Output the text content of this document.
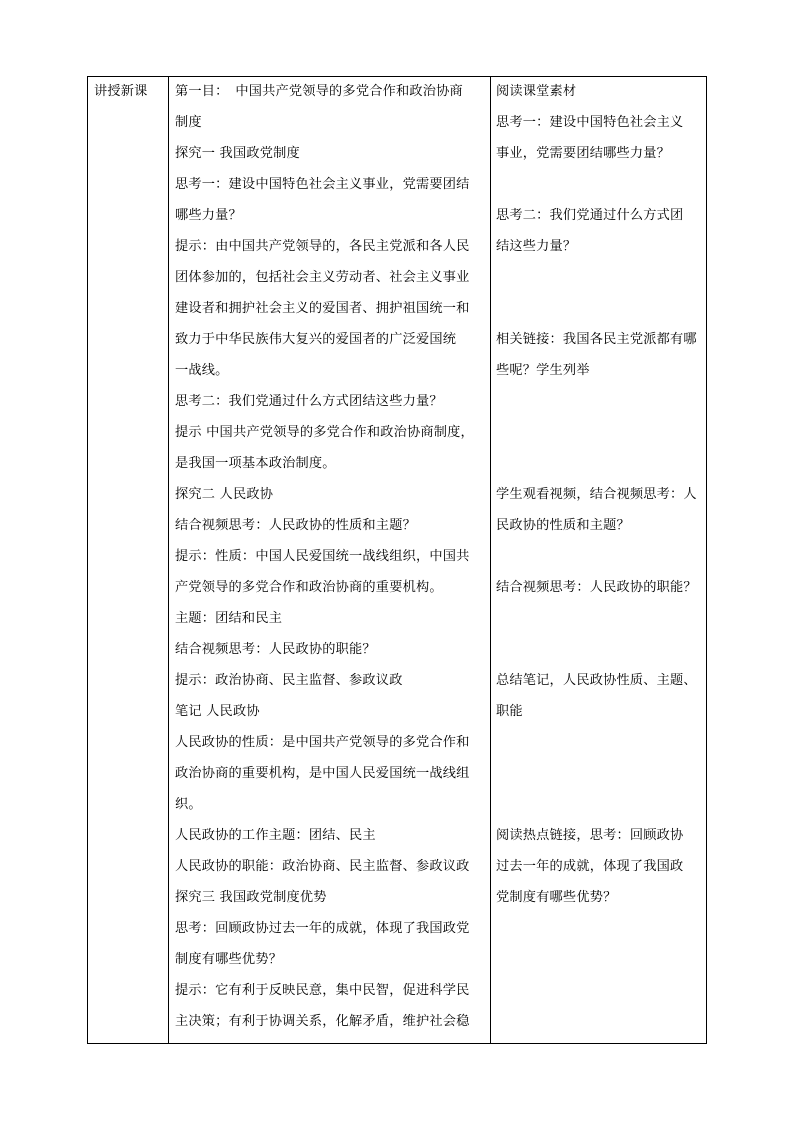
讲授新课 第一目：　中国共产党领导的多党合作和政治协商
制度
探究一 我国政党制度
思考一：建设中国特色社会主义事业，党需要团结
哪些力量？
提示：由中国共产党领导的，各民主党派和各人民
团体参加的，包括社会主义劳动者、社会主义事业
建设者和拥护社会主义的爱国者、拥护祖国统一和
致力于中华民族伟大复兴的爱国者的广泛爱国统
一战线。
思考二：我们党通过什么方式团结这些力量？
提示 中国共产党领导的多党合作和政治协商制度，
是我国一项基本政治制度。
探究二 人民政协
结合视频思考：人民政协的性质和主题？
提示：性质：中国人民爱国统一战线组织，中国共
产党领导的多党合作和政治协商的重要机构。
主题：团结和民主
结合视频思考：人民政协的职能？
提示：政治协商、民主监督、参政议政
笔记 人民政协
人民政协的性质：是中国共产党领导的多党合作和
政治协商的重要机构，是中国人民爱国统一战线组
织。
人民政协的工作主题：团结、民主
人民政协的职能：政治协商、民主监督、参政议政
探究三 我国政党制度优势
思考：回顾政协过去一年的成就，体现了我国政党
制度有哪些优势？
提示：它有利于反映民意，集中民智，促进科学民
主决策；有利于协调关系，化解矛盾，维护社会稳
阅读课堂素材
思考一：建设中国特色社会主义
事业，党需要团结哪些力量？
思考二：我们党通过什么方式团
结这些力量？
相关链接：我国各民主党派都有哪
些呢？学生列举
学生观看视频，结合视频思考：人
民政协的性质和主题？
结合视频思考：人民政协的职能？
总结笔记，人民政协性质、主题、
职能
阅读热点链接，思考：回顾政协
过去一年的成就，体现了我国政
党制度有哪些优势？
